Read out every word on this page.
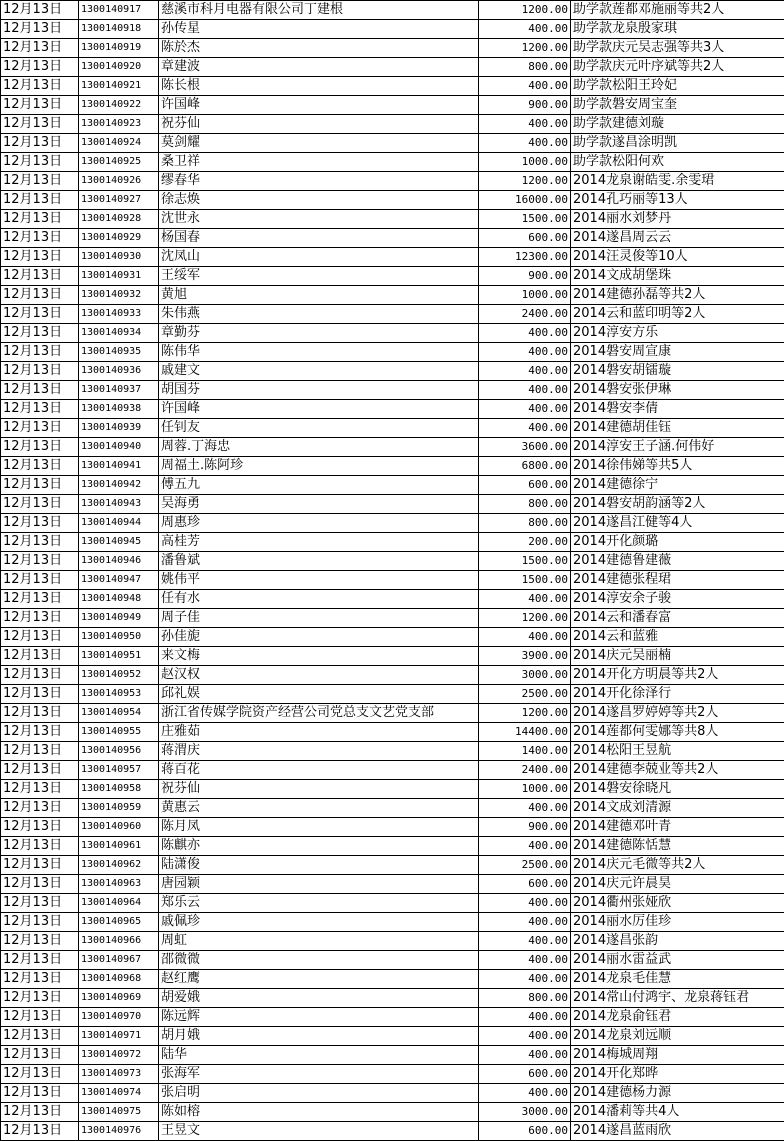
12月13日	1300140917	慈溪市科月电器有限公司丁建根	1200.00	助学款莲都邓施丽等共2人
12月13日	1300140918	孙传星	400.00	助学款龙泉殷家琪
12月13日	1300140919	陈於杰	1200.00	助学款庆元吴志强等共3人
12月13日	1300140920	章建波	800.00	助学款庆元叶序斌等共2人
12月13日	1300140921	陈长根	400.00	助学款松阳王玲妃
12月13日	1300140922	许国峰	900.00	助学款磐安周宝奎
12月13日	1300140923	祝芬仙	400.00	助学款建德刘璇
12月13日	1300140924	莫剑耀	400.00	助学款遂昌涂明凯
12月13日	1300140925	桑卫祥	1000.00	助学款松阳何欢
12月13日	1300140926	缪春华	1200.00	2014龙泉谢皓雯.余雯珺
12月13日	1300140927	徐志焕	16000.00	2014孔巧丽等13人
12月13日	1300140928	沈世永	1500.00	2014丽水刘梦丹
12月13日	1300140929	杨国春	600.00	2014遂昌周云云
12月13日	1300140930	沈凤山	12300.00	2014汪灵俊等10人
12月13日	1300140931	王绥军	900.00	2014文成胡堡珠
12月13日	1300140932	黄旭	1000.00	2014建德孙磊等共2人
12月13日	1300140933	朱伟燕	2400.00	2014云和蓝印明等2人
12月13日	1300140934	章勤芬	400.00	2014淳安方乐
12月13日	1300140935	陈伟华	400.00	2014磐安周宣康
12月13日	1300140936	戚建文	400.00	2014磐安胡镭璇
12月13日	1300140937	胡国芬	400.00	2014磐安张伊琳
12月13日	1300140938	许国峰	400.00	2014磐安李倩
12月13日	1300140939	任钊友	400.00	2014建德胡佳钰
12月13日	1300140940	周蓉.丁海忠	3600.00	2014淳安王子涵.何伟好
12月13日	1300140941	周福土.陈阿珍	6800.00	2014徐伟娣等共5人
12月13日	1300140942	傅五九	600.00	2014建德徐宁
12月13日	1300140943	吴海勇	800.00	2014磐安胡韵涵等2人
12月13日	1300140944	周惠珍	800.00	2014遂昌江健等4人
12月13日	1300140945	高桂芳	200.00	2014开化颜璐
12月13日	1300140946	潘鲁斌	1500.00	2014建德鲁建薇
12月13日	1300140947	姚伟平	1500.00	2014建德张程珺
12月13日	1300140948	任有水	400.00	2014淳安余子骏
12月13日	1300140949	周子佳	1200.00	2014云和潘春富
12月13日	1300140950	孙佳旎	400.00	2014云和蓝雅
12月13日	1300140951	来文梅	3900.00	2014庆元吴丽楠
12月13日	1300140952	赵汉权	3000.00	2014开化方明晨等共2人
12月13日	1300140953	邱礼娱	2500.00	2014开化徐泽行
12月13日	1300140954	浙江省传媒学院资产经营公司党总支文艺党支部	1200.00	2014遂昌罗婷婷等共2人
12月13日	1300140955	庄雅茹	14400.00	2014莲都何雯娜等共8人
12月13日	1300140956	蒋渭庆	1400.00	2014松阳王昱航
12月13日	1300140957	蒋百花	2400.00	2014建德李兢业等共2人
12月13日	1300140958	祝芬仙	1000.00	2014磐安徐晓凡
12月13日	1300140959	黄惠云	400.00	2014文成刘清源
12月13日	1300140960	陈月凤	900.00	2014建德邓叶青
12月13日	1300140961	陈麒亦	400.00	2014建德陈恬慧
12月13日	1300140962	陆潇俊	2500.00	2014庆元毛微等共2人
12月13日	1300140963	唐园颖	600.00	2014庆元许晨昊
12月13日	1300140964	郑乐云	400.00	2014衢州张娅欣
12月13日	1300140965	戚佩珍	400.00	2014丽水厉佳珍
12月13日	1300140966	周虹	400.00	2014遂昌张韵
12月13日	1300140967	邵微微	400.00	2014丽水雷益武
12月13日	1300140968	赵红鹰	400.00	2014龙泉毛佳慧
12月13日	1300140969	胡爱娥	800.00	2014常山付鸿宇、龙泉蒋钰君
12月13日	1300140970	陈远辉	400.00	2014龙泉俞钰君
12月13日	1300140971	胡月娥	400.00	2014龙泉刘远顺
12月13日	1300140972	陆华	400.00	2014梅城周翔
12月13日	1300140973	张海军	600.00	2014开化郑晔
12月13日	1300140974	张启明	400.00	2014建德杨力源
12月13日	1300140975	陈如榕	3000.00	2014潘莉等共4人
12月13日	1300140976	王昱文	600.00	2014遂昌蓝雨欣
